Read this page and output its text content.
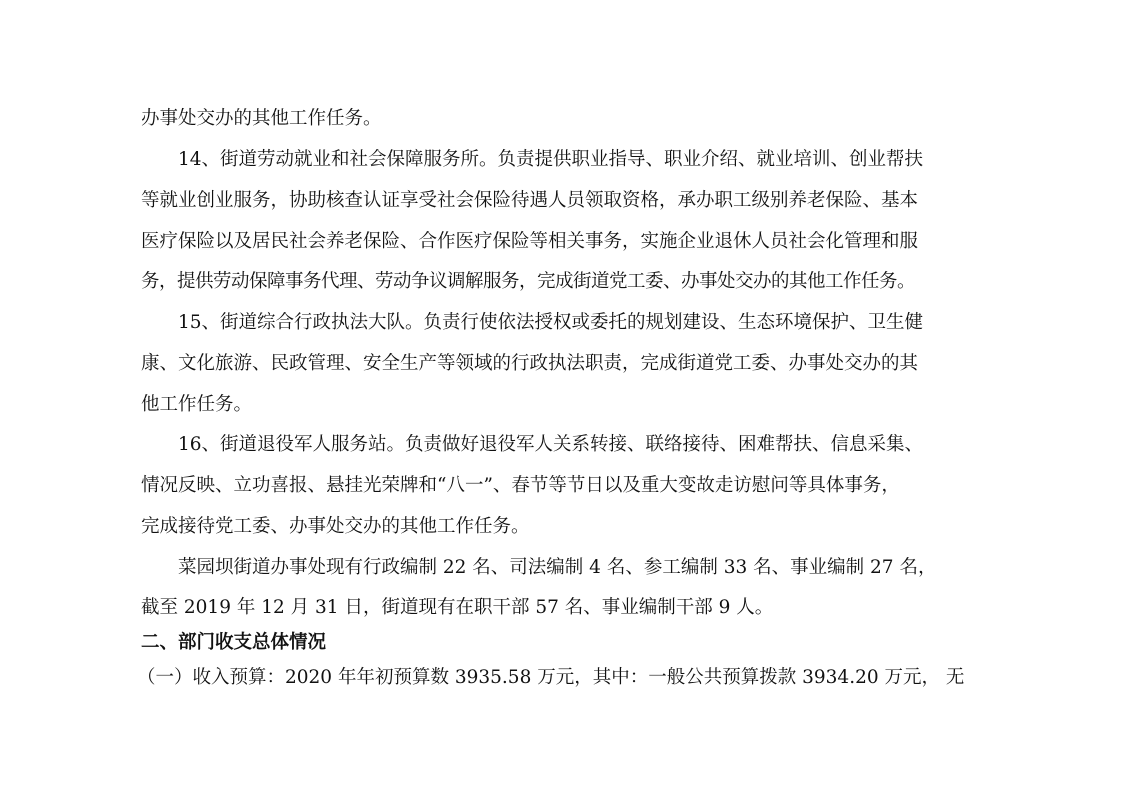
办事处交办的其他工作任务。
14、街道劳动就业和社会保障服务所。负责提供职业指导、职业介绍、就业培训、创业帮扶
等就业创业服务，协助核查认证享受社会保险待遇人员领取资格，承办职工级别养老保险、基本
医疗保险以及居民社会养老保险、合作医疗保险等相关事务，实施企业退休人员社会化管理和服
务，提供劳动保障事务代理、劳动争议调解服务，完成街道党工委、办事处交办的其他工作任务。
15、街道综合行政执法大队。负责行使依法授权或委托的规划建设、生态环境保护、卫生健
康、文化旅游、民政管理、安全生产等领域的行政执法职责，完成街道党工委、办事处交办的其
他工作任务。
16、街道退役军人服务站。负责做好退役军人关系转接、联络接待、困难帮扶、信息采集、
情况反映、立功喜报、悬挂光荣牌和“八一”、春节等节日以及重大变故走访慰问等具体事务，
完成接待党工委、办事处交办的其他工作任务。
菜园坝街道办事处现有行政编制 22 名、司法编制 4 名、参工编制 33 名、事业编制 27 名，
截至 2019 年 12 月 31 日，街道现有在职干部 57 名、事业编制干部 9 人。
二、部门收支总体情况
（一）收入预算：2020 年年初预算数 3935.58 万元，其中：一般公共预算拨款 3934.20 万元， 无
